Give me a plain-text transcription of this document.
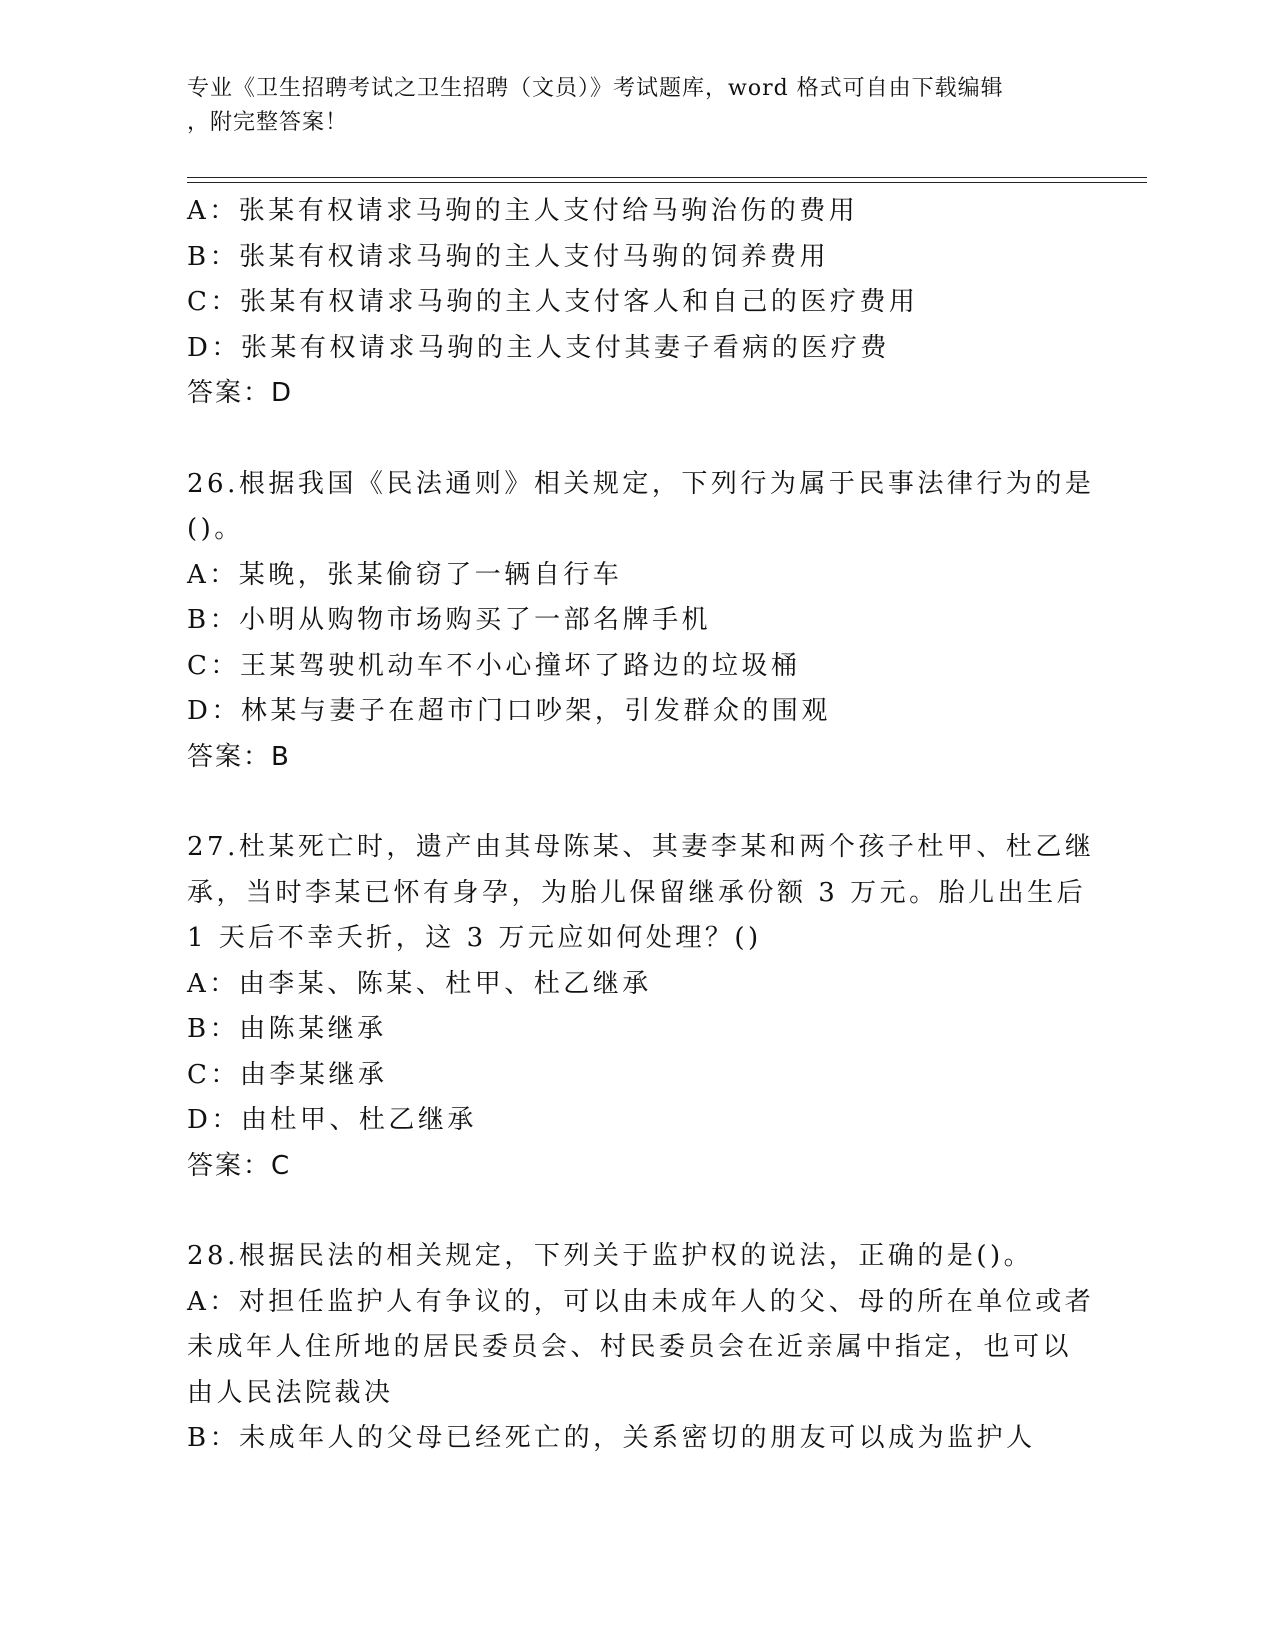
专业《卫生招聘考试之卫生招聘（文员）》考试题库，word 格式可自由下载编辑
，附完整答案！
A：张某有权请求马驹的主人支付给马驹治伤的费用
B：张某有权请求马驹的主人支付马驹的饲养费用
C：张某有权请求马驹的主人支付客人和自己的医疗费用
D：张某有权请求马驹的主人支付其妻子看病的医疗费
答案：D
26.根据我国《民法通则》相关规定，下列行为属于民事法律行为的是
()。
A：某晚，张某偷窃了一辆自行车
B：小明从购物市场购买了一部名牌手机
C：王某驾驶机动车不小心撞坏了路边的垃圾桶
D：林某与妻子在超市门口吵架，引发群众的围观
答案：B
27.杜某死亡时，遗产由其母陈某、其妻李某和两个孩子杜甲、杜乙继
承，当时李某已怀有身孕，为胎儿保留继承份额 3 万元。胎儿出生后
1 天后不幸夭折，这 3 万元应如何处理？()
A：由李某、陈某、杜甲、杜乙继承
B：由陈某继承
C：由李某继承
D：由杜甲、杜乙继承
答案：C
28.根据民法的相关规定，下列关于监护权的说法，正确的是()。
A：对担任监护人有争议的，可以由未成年人的父、母的所在单位或者
未成年人住所地的居民委员会、村民委员会在近亲属中指定，也可以
由人民法院裁决
B：未成年人的父母已经死亡的，关系密切的朋友可以成为监护人
